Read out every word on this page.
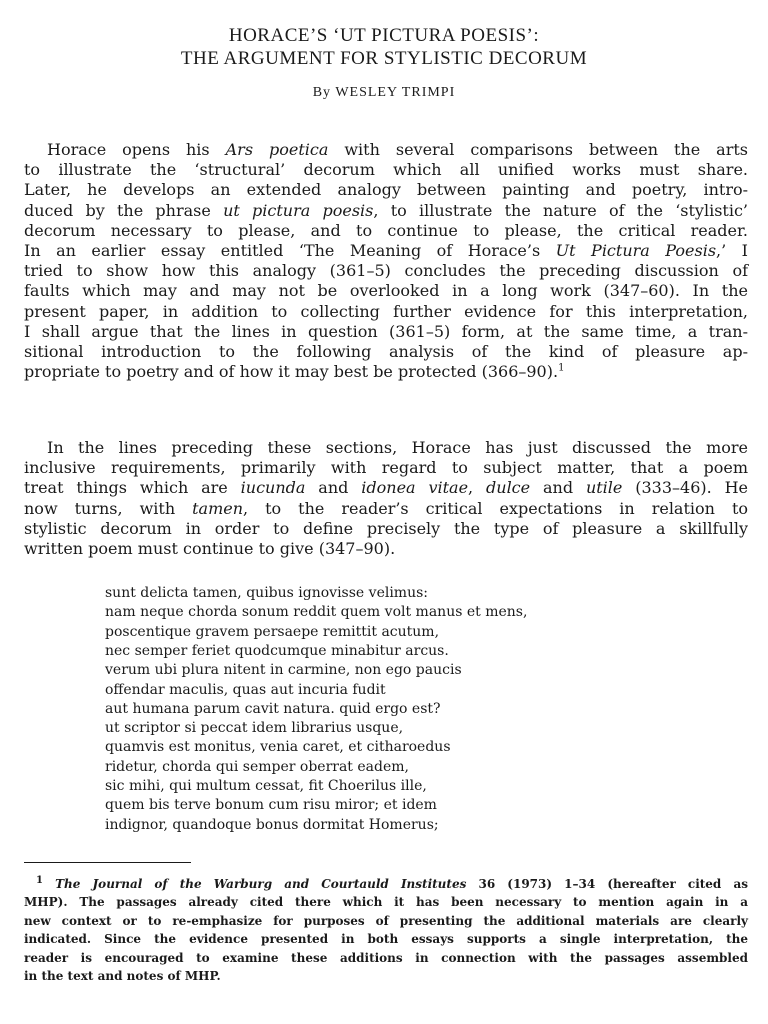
HORACE’S ‘UT PICTURA POESIS’:
THE ARGUMENT FOR STYLISTIC DECORUM
By WESLEY TRIMPI
Horace opens his Ars poetica with several comparisons between the arts
to illustrate the ‘structural’ decorum which all unified works must share.
Later, he develops an extended analogy between painting and poetry, intro-
duced by the phrase ut pictura poesis, to illustrate the nature of the ‘stylistic’
decorum necessary to please, and to continue to please, the critical reader.
In an earlier essay entitled ‘The Meaning of Horace’s Ut Pictura Poesis,’ I
tried to show how this analogy (361–5) concludes the preceding discussion of
faults which may and may not be overlooked in a long work (347–60). In the
present paper, in addition to collecting further evidence for this interpretation,
I shall argue that the lines in question (361–5) form, at the same time, a tran-
sitional introduction to the following analysis of the kind of pleasure ap-
propriate to poetry and of how it may best be protected (366–90).$^1$
In the lines preceding these sections, Horace has just discussed the more
inclusive requirements, primarily with regard to subject matter, that a poem
treat things which are iucunda and idonea vitae, dulce and utile (333–46). He
now turns, with tamen, to the reader’s critical expectations in relation to
stylistic decorum in order to define precisely the type of pleasure a skillfully
written poem must continue to give (347–90).
sunt delicta tamen, quibus ignovisse velimus:
nam neque chorda sonum reddit quem volt manus et mens,
poscentique gravem persaepe remittit acutum,
nec semper feriet quodcumque minabitur arcus.
verum ubi plura nitent in carmine, non ego paucis
offendar maculis, quas aut incuria fudit
aut humana parum cavit natura. quid ergo est?
ut scriptor si peccat idem librarius usque,
quamvis est monitus, venia caret, et citharoedus
ridetur, chorda qui semper oberrat eadem,
sic mihi, qui multum cessat, fit Choerilus ille,
quem bis terve bonum cum risu miror; et idem
indignor, quandoque bonus dormitat Homerus;
$^1$ The Journal of the Warburg and Courtauld Institutes 36 (1973) 1–34 (hereafter cited as
MHP). The passages already cited there which it has been necessary to mention again in a
new context or to re-emphasize for purposes of presenting the additional materials are clearly
indicated. Since the evidence presented in both essays supports a single interpretation, the
reader is encouraged to examine these additions in connection with the passages assembled
in the text and notes of MHP.
